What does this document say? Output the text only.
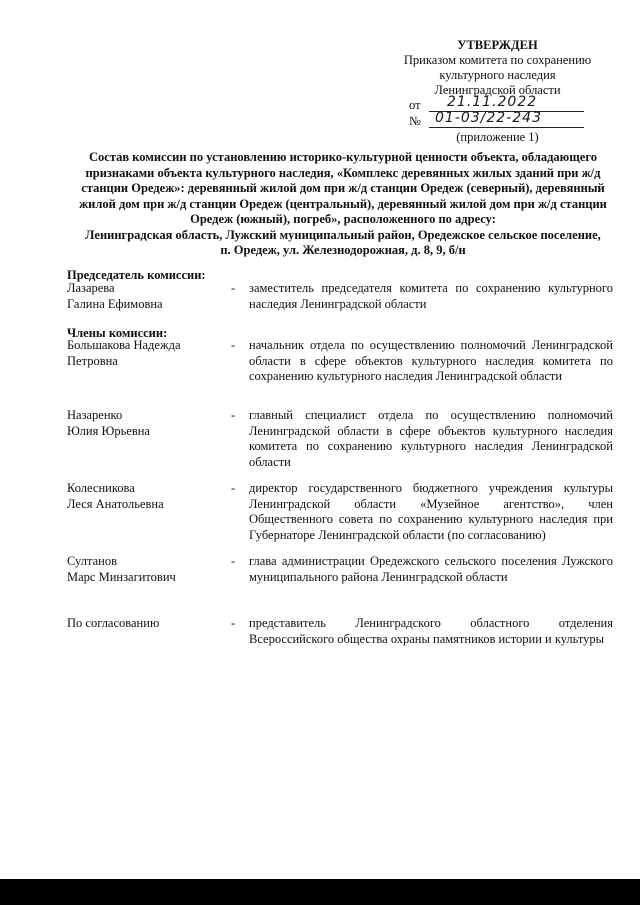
УТВЕРЖДЕН
Приказом комитета по сохранению
культурного наследия
Ленинградской области
от 21.11.2022
№ 01-03/22-243
(приложение 1)

Состав комиссии по установлению историко-культурной ценности объекта, обладающего

признаками объекта культурного наследия, «Комплекс деревянных жилых зданий при ж/д

станции Оредеж»: деревянный жилой дом при ж/д станции Оредеж (северный), деревянный

жилой дом при ж/д станции Оредеж (центральный), деревянный жилой дом при ж/д станции

Оредеж (южный), погреб», расположенного по адресу:

Ленинградская область, Лужский муниципальный район, Оредежское сельское поселение,

п. Оредеж, ул. Железнодорожная, д. 8, 9, б/н

Председатель комиссии:
Лазарева
Галина Ефимовна
- заместитель председателя комитета по сохранению культурного наследия Ленинградской области
Члены комиссии:
Большакова Надежда Петровна
- начальник отдела по осуществлению полномочий Ленинградской области в сфере объектов культурного наследия комитета по сохранению культурного наследия Ленинградской области
Назаренко
Юлия Юрьевна
- главный специалист отдела по осуществлению полномочий Ленинградской области в сфере объектов культурного наследия комитета по сохранению культурного наследия Ленинградской области
Колесникова
Леся Анатольевна
- директор государственного бюджетного учреждения культуры Ленинградской области «Музейное агентство», член Общественного совета по сохранению культурного наследия при Губернаторе Ленинградской области (по согласованию)
Султанов
Марс Минзагитович
- глава администрации Оредежского сельского поселения Лужского муниципального района Ленинградской области
По согласованию	- представитель Ленинградского областного отделения Всероссийского общества охраны памятников истории и культуры
